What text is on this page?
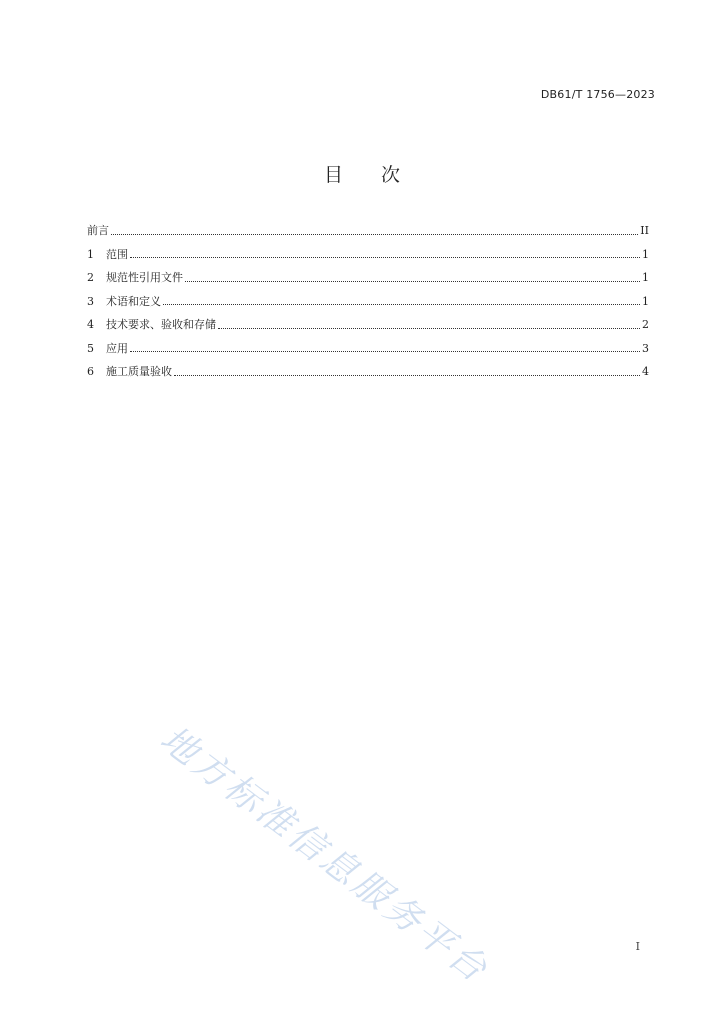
DB61/T 1756—2023
目 次
前言	II
1	范围	1
2	规范性引用文件	1
3	术语和定义	1
4	技术要求、验收和存储	2
5	应用	3
6	施工质量验收	4
地方标准信息服务平台	I
